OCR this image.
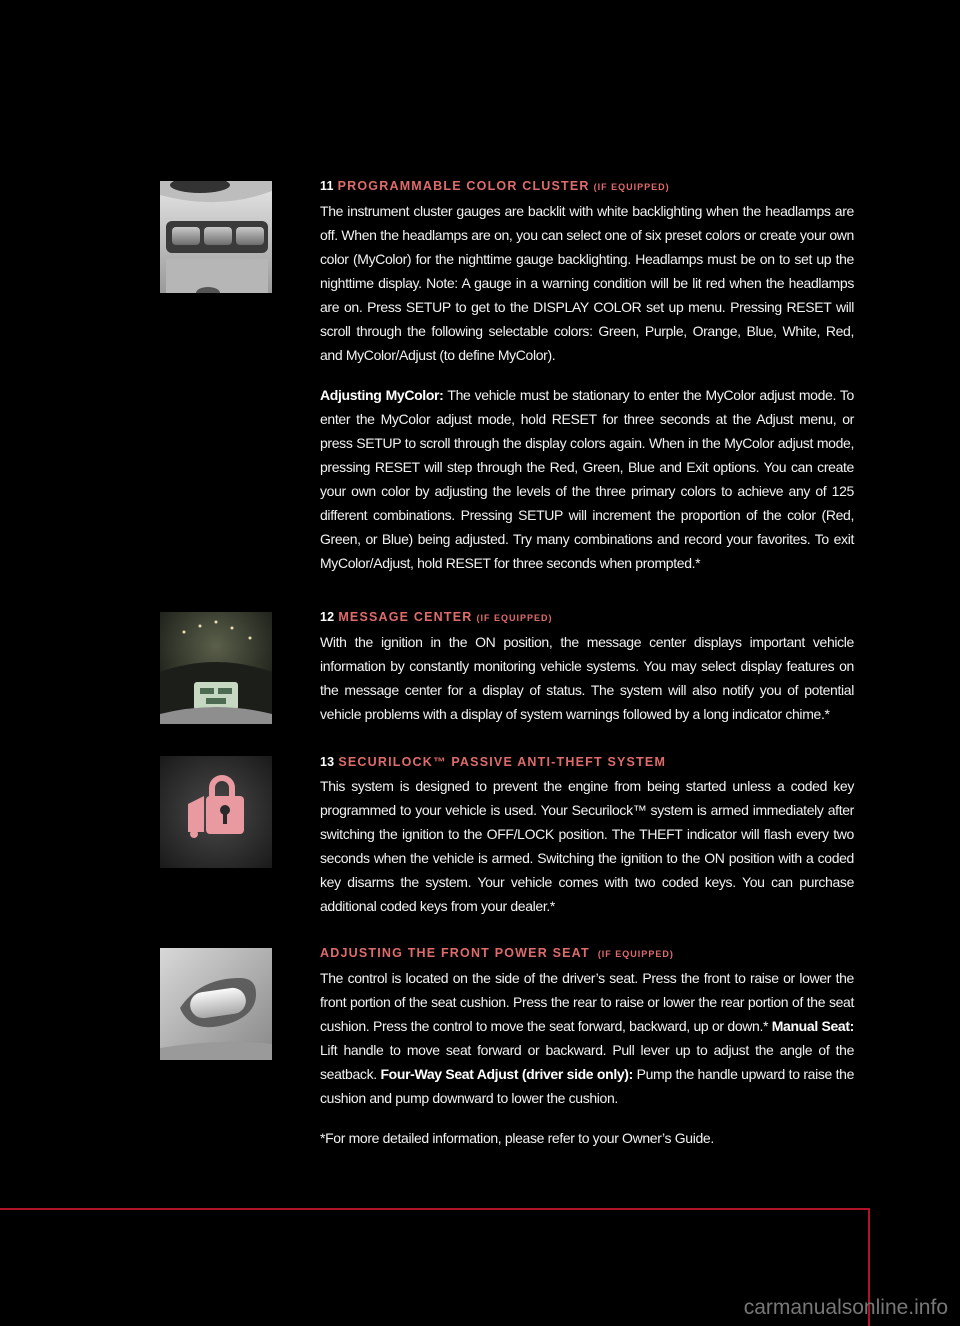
11 PROGRAMMABLE COLOR CLUSTER (IF EQUIPPED)

The instrument cluster gauges are backlit with white backlighting when the headlamps are off. When the headlamps are on, you can select one of six preset colors or create your own color (MyColor) for the nighttime gauge backlighting. Headlamps must be on to set up the nighttime display. Note: A gauge in a warning condition will be lit red when the headlamps are on. Press SETUP to get to the DISPLAY COLOR set up menu. Pressing RESET will scroll through the following selectable colors: Green, Purple, Orange, Blue, White, Red, and MyColor/Adjust (to define MyColor).

Adjusting MyColor: The vehicle must be stationary to enter the MyColor adjust mode. To enter the MyColor adjust mode, hold RESET for three seconds at the Adjust menu, or press SETUP to scroll through the display colors again. When in the MyColor adjust mode, pressing RESET will step through the Red, Green, Blue and Exit options. You can create your own color by adjusting the levels of the three primary colors to achieve any of 125 different combinations. Pressing SETUP will increment the proportion of the color (Red, Green, or Blue) being adjusted. Try many combinations and record your favorites. To exit MyColor/Adjust, hold RESET for three seconds when prompted.*

12 MESSAGE CENTER (IF EQUIPPED)

With the ignition in the ON position, the message center displays important vehicle information by constantly monitoring vehicle systems. You may select display features on the message center for a display of status. The system will also notify you of potential vehicle problems with a display of system warnings followed by a long indicator chime.*

13 SECURILOCK™ PASSIVE ANTI-THEFT SYSTEM

This system is designed to prevent the engine from being started unless a coded key programmed to your vehicle is used. Your Securilock™ system is armed immediately after switching the ignition to the OFF/LOCK position. The THEFT indicator will flash every two seconds when the vehicle is armed. Switching the ignition to the ON position with a coded key disarms the system. Your vehicle comes with two coded keys. You can purchase additional coded keys from your dealer.*

ADJUSTING THE FRONT POWER SEAT (IF EQUIPPED)

The control is located on the side of the driver’s seat. Press the front to raise or lower the front portion of the seat cushion. Press the rear to raise or lower the rear portion of the seat cushion. Press the control to move the seat forward, backward, up or down.* Manual Seat: Lift handle to move seat forward or backward. Pull lever up to adjust the angle of the seatback. Four-Way Seat Adjust (driver side only): Pump the handle upward to raise the cushion and pump downward to lower the cushion.

*For more detailed information, please refer to your Owner’s Guide.

carmanualsonline.info
